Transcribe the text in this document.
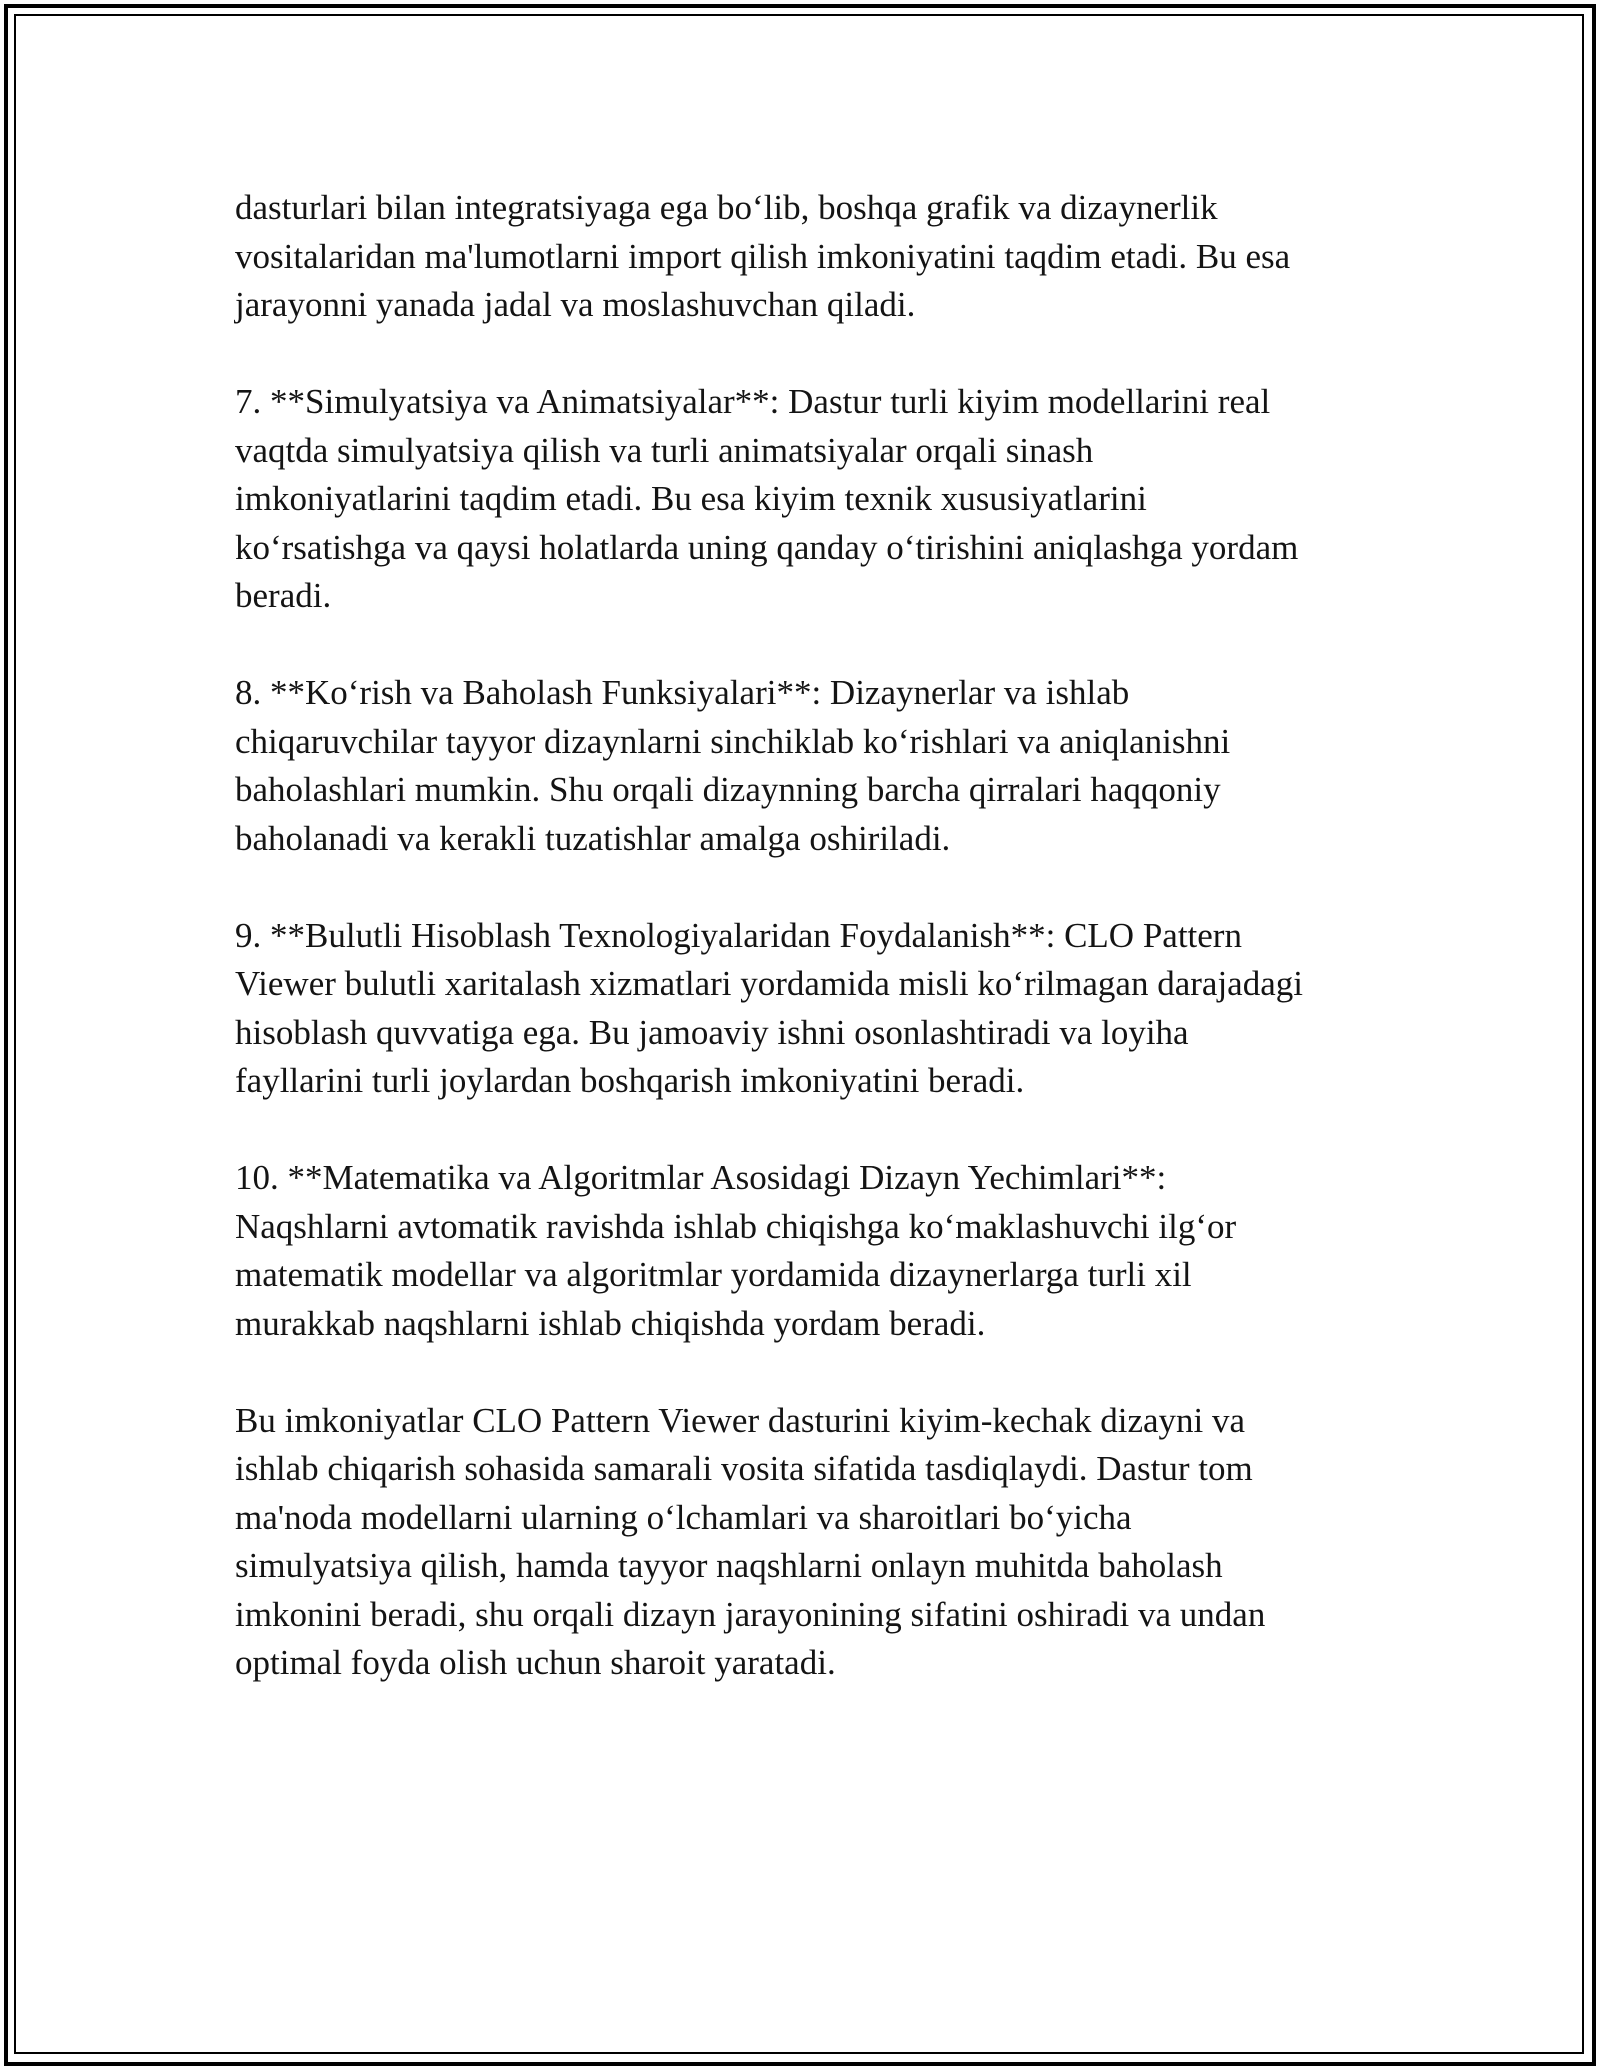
dasturlari bilan integratsiyaga ega bo‘lib, boshqa grafik va dizaynerlik
vositalaridan ma'lumotlarni import qilish imkoniyatini taqdim etadi. Bu esa
jarayonni yanada jadal va moslashuvchan qiladi.

7. **Simulyatsiya va Animatsiyalar**: Dastur turli kiyim modellarini real
vaqtda simulyatsiya qilish va turli animatsiyalar orqali sinash
imkoniyatlarini taqdim etadi. Bu esa kiyim texnik xususiyatlarini
ko‘rsatishga va qaysi holatlarda uning qanday o‘tirishini aniqlashga yordam
beradi.

8. **Ko‘rish va Baholash Funksiyalari**: Dizaynerlar va ishlab
chiqaruvchilar tayyor dizaynlarni sinchiklab ko‘rishlari va aniqlanishni
baholashlari mumkin. Shu orqali dizaynning barcha qirralari haqqoniy
baholanadi va kerakli tuzatishlar amalga oshiriladi.

9. **Bulutli Hisoblash Texnologiyalaridan Foydalanish**: CLO Pattern
Viewer bulutli xaritalash xizmatlari yordamida misli ko‘rilmagan darajadagi
hisoblash quvvatiga ega. Bu jamoaviy ishni osonlashtiradi va loyiha
fayllarini turli joylardan boshqarish imkoniyatini beradi.

10. **Matematika va Algoritmlar Asosidagi Dizayn Yechimlari**:
Naqshlarni avtomatik ravishda ishlab chiqishga ko‘maklashuvchi ilg‘or
matematik modellar va algoritmlar yordamida dizaynerlarga turli xil
murakkab naqshlarni ishlab chiqishda yordam beradi.

Bu imkoniyatlar CLO Pattern Viewer dasturini kiyim-kechak dizayni va
ishlab chiqarish sohasida samarali vosita sifatida tasdiqlaydi. Dastur tom
ma'noda modellarni ularning o‘lchamlari va sharoitlari bo‘yicha
simulyatsiya qilish, hamda tayyor naqshlarni onlayn muhitda baholash
imkonini beradi, shu orqali dizayn jarayonining sifatini oshiradi va undan
optimal foyda olish uchun sharoit yaratadi.
